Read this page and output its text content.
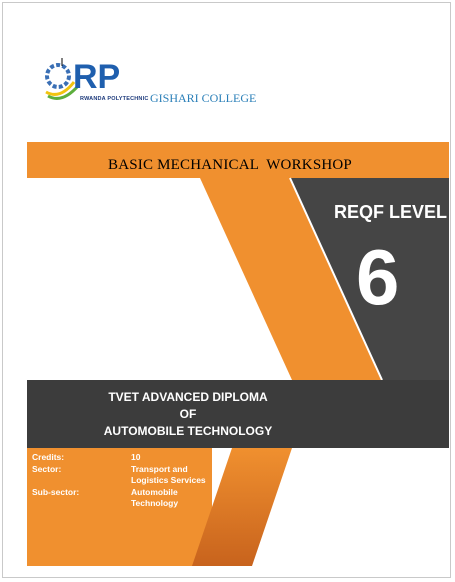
RP
RWANDA POLYTECHNIC GISHARI COLLEGE
BASIC MECHANICAL  WORKSHOP
REQF LEVEL
6
TVET ADVANCED DIPLOMA
OF
AUTOMOBILE TECHNOLOGY
Credits:	10
Sector:	Transport and
Logistics Services
Sub-sector:	Automobile
Technology
